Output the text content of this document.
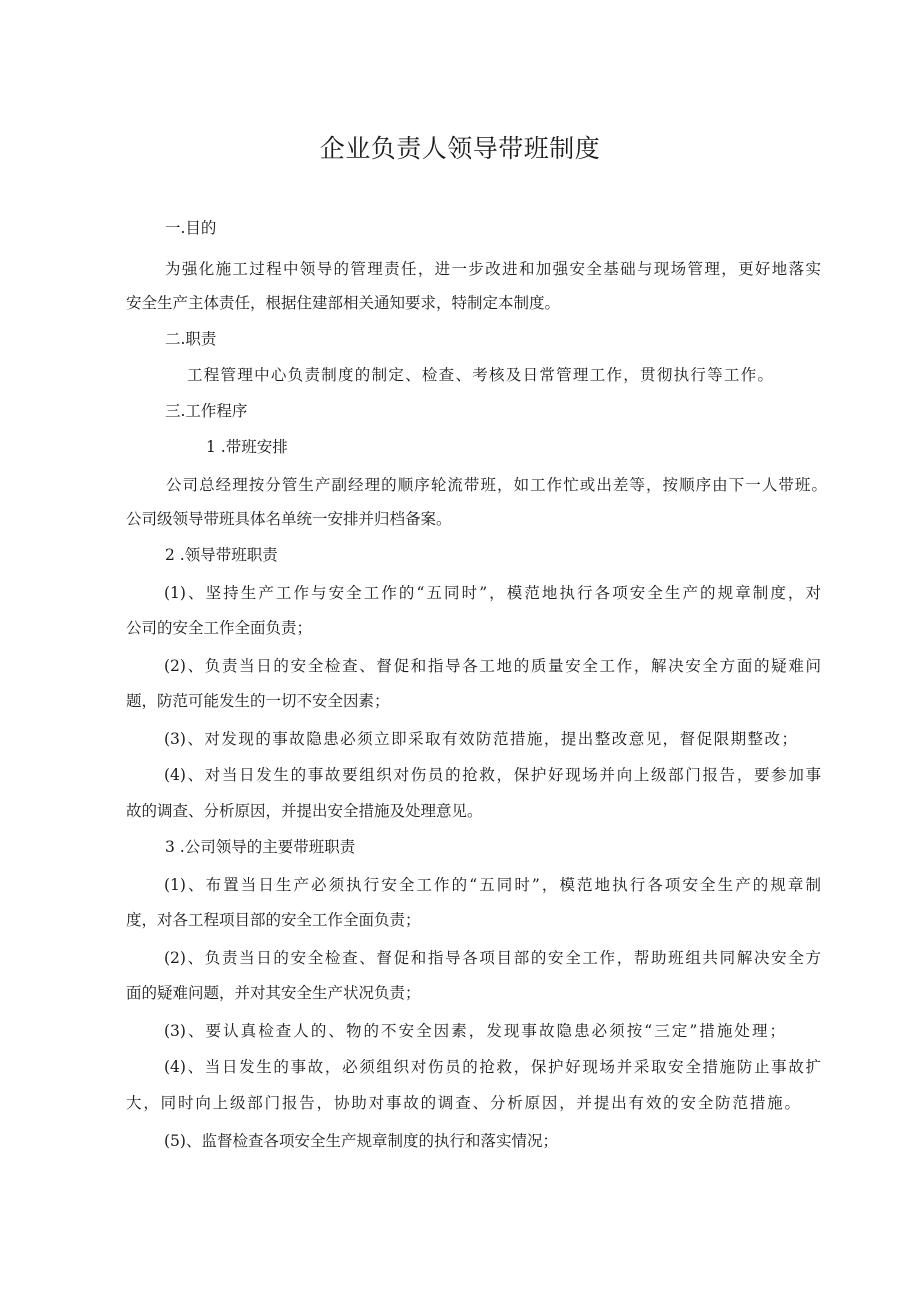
企业负责人领导带班制度
一.目的
为强化施工过程中领导的管理责任，进一步改进和加强安全基础与现场管理，更好地落实
安全生产主体责任，根据住建部相关通知要求，特制定本制度。
二.职责
工程管理中心负责制度的制定、检查、考核及日常管理工作，贯彻执行等工作。
三.工作程序
1 .带班安排
公司总经理按分管生产副经理的顺序轮流带班，如工作忙或出差等，按顺序由下一人带班。
公司级领导带班具体名单统一安排并归档备案。
2 .领导带班职责
(1)、坚持生产工作与安全工作的“五同时”，模范地执行各项安全生产的规章制度，对
公司的安全工作全面负责；
(2)、负责当日的安全检查、督促和指导各工地的质量安全工作，解决安全方面的疑难问
题，防范可能发生的一切不安全因素；
(3)、对发现的事故隐患必须立即采取有效防范措施，提出整改意见，督促限期整改；
(4)、对当日发生的事故要组织对伤员的抢救，保护好现场并向上级部门报告，要参加事
故的调查、分析原因，并提出安全措施及处理意见。
3 .公司领导的主要带班职责
(1)、布置当日生产必须执行安全工作的“五同时”，模范地执行各项安全生产的规章制
度，对各工程项目部的安全工作全面负责；
(2)、负责当日的安全检查、督促和指导各项目部的安全工作，帮助班组共同解决安全方
面的疑难问题，并对其安全生产状况负责；
(3)、要认真检查人的、物的不安全因素，发现事故隐患必须按“三定”措施处理；
(4)、当日发生的事故，必须组织对伤员的抢救，保护好现场并采取安全措施防止事故扩
大，同时向上级部门报告，协助对事故的调查、分析原因，并提出有效的安全防范措施。
(5)、监督检查各项安全生产规章制度的执行和落实情况；
